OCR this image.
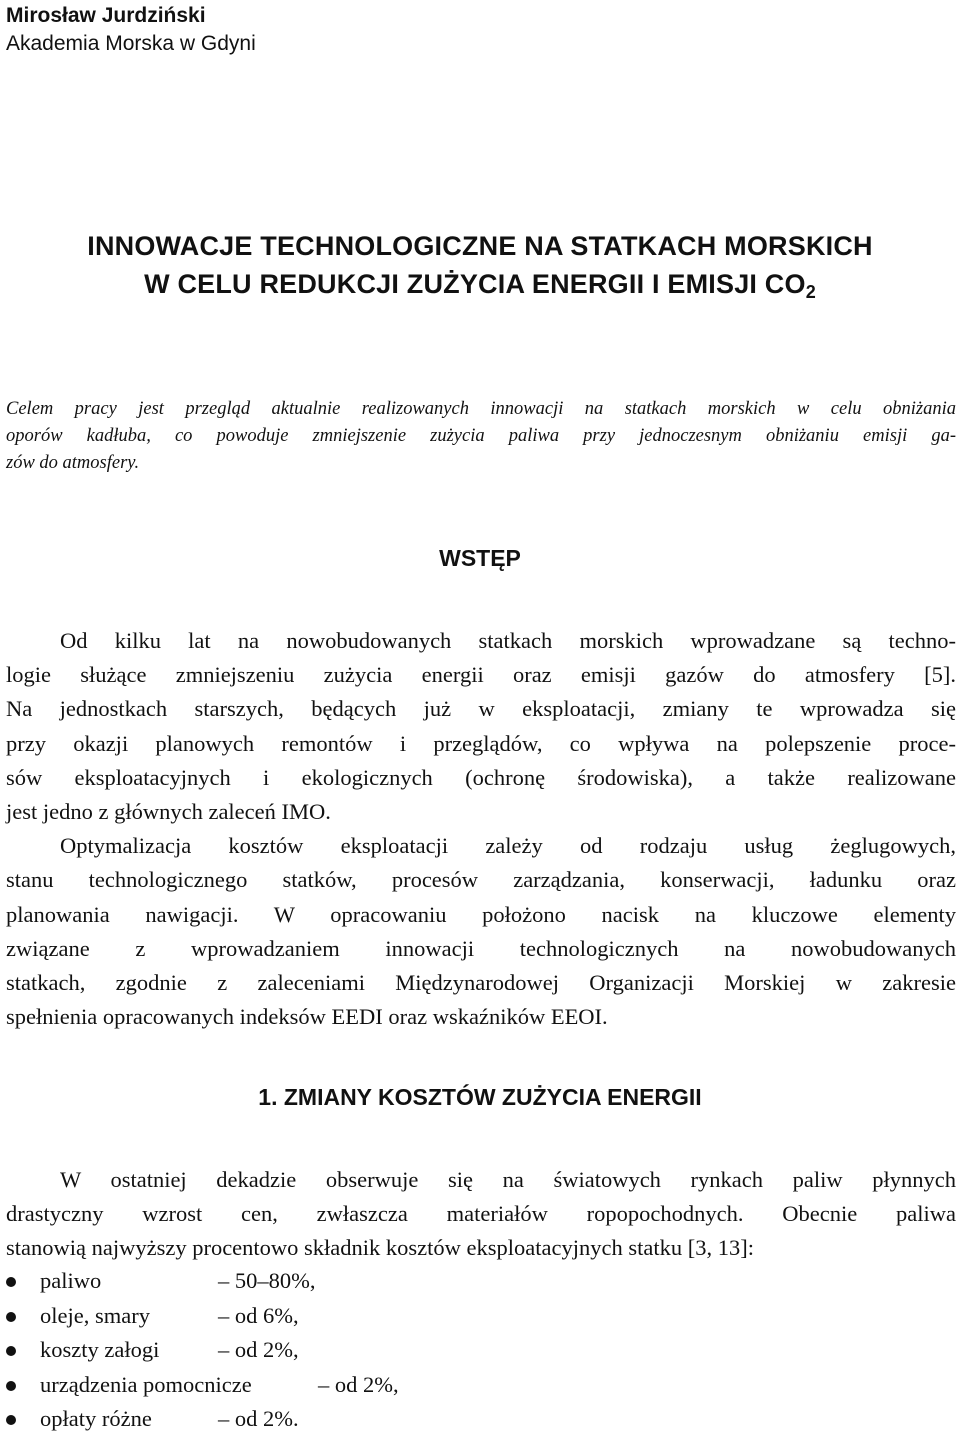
Mirosław Jurdziński
Akademia Morska w Gdyni
INNOWACJE TECHNOLOGICZNE NA STATKACH MORSKICH
W CELU REDUKCJI ZUŻYCIA ENERGII I EMISJI $CO_2$
Celem pracy jest przegląd aktualnie realizowanych innowacji na statkach morskich w celu obniżania
oporów kadłuba, co powoduje zmniejszenie zużycia paliwa przy jednoczesnym obniżaniu emisji ga-
zów do atmosfery.
WSTĘP
Od kilku lat na nowobudowanych statkach morskich wprowadzane są techno-
logie służące zmniejszeniu zużycia energii oraz emisji gazów do atmosfery [5].
Na jednostkach starszych, będących już w eksploatacji, zmiany te wprowadza się
przy okazji planowych remontów i przeglądów, co wpływa na polepszenie proce-
sów eksploatacyjnych i ekologicznych (ochronę środowiska), a także realizowane
jest jedno z głównych zaleceń IMO.
Optymalizacja kosztów eksploatacji zależy od rodzaju usług żeglugowych,
stanu technologicznego statków, procesów zarządzania, konserwacji, ładunku oraz
planowania nawigacji. W opracowaniu położono nacisk na kluczowe elementy
związane z wprowadzaniem innowacji technologicznych na nowobudowanych
statkach, zgodnie z zaleceniami Międzynarodowej Organizacji Morskiej w zakresie
spełnienia opracowanych indeksów EEDI oraz wskaźników EEOI.
1. ZMIANY KOSZTÓW ZUŻYCIA ENERGII
W ostatniej dekadzie obserwuje się na światowych rynkach paliw płynnych
drastyczny wzrost cen, zwłaszcza materiałów ropopochodnych. Obecnie paliwa
stanowią najwyższy procentowo składnik kosztów eksploatacyjnych statku [3, 13]:
paliwo	– 50–80%,
oleje, smary	– od 6%,
koszty załogi	– od 2%,
urządzenia pomocnicze	– od 2%,
opłaty różne	– od 2%.
